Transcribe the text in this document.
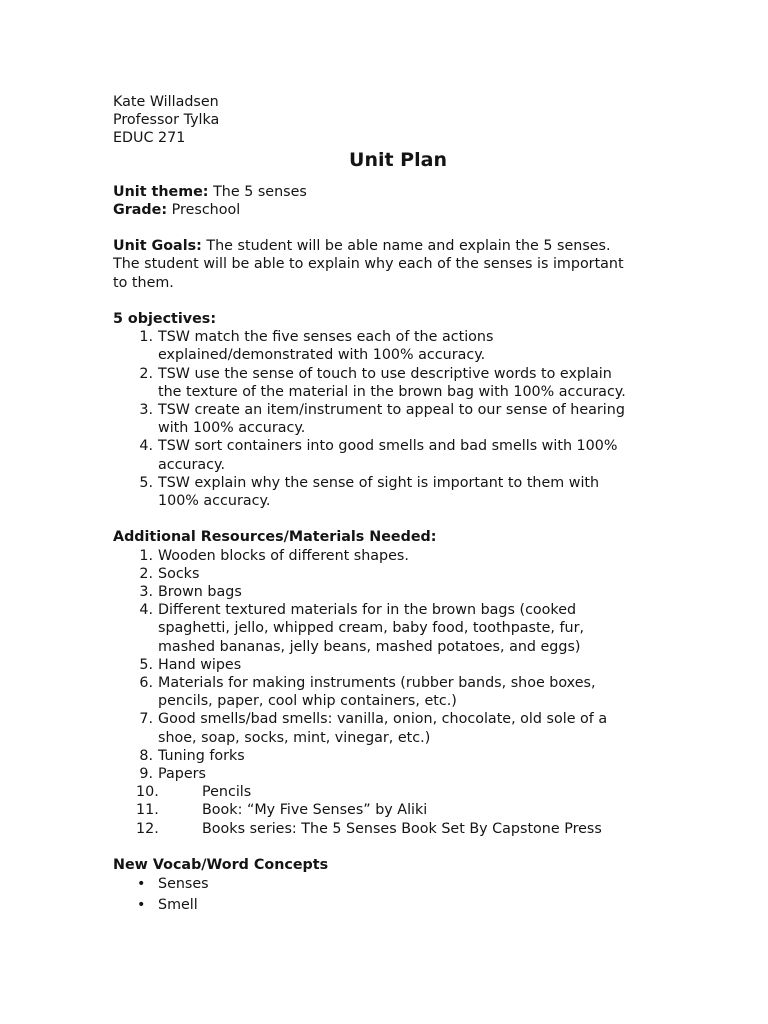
Kate Willadsen
Professor Tylka
EDUC 271
Unit Plan
Unit theme: The 5 senses
Grade: Preschool
Unit Goals: The student will be able name and explain the 5 senses.
The student will be able to explain why each of the senses is important
to them.
5 objectives:
1. TSW match the five senses each of the actions
explained/demonstrated with 100% accuracy.
2. TSW use the sense of touch to use descriptive words to explain
the texture of the material in the brown bag with 100% accuracy.
3. TSW create an item/instrument to appeal to our sense of hearing
with 100% accuracy.
4. TSW sort containers into good smells and bad smells with 100%
accuracy.
5. TSW explain why the sense of sight is important to them with
100% accuracy.
Additional Resources/Materials Needed:
1. Wooden blocks of different shapes.
2. Socks
3. Brown bags
4. Different textured materials for in the brown bags (cooked
spaghetti, jello, whipped cream, baby food, toothpaste, fur,
mashed bananas, jelly beans, mashed potatoes, and eggs)
5. Hand wipes
6. Materials for making instruments (rubber bands, shoe boxes,
pencils, paper, cool whip containers, etc.)
7. Good smells/bad smells: vanilla, onion, chocolate, old sole of a
shoe, soap, socks, mint, vinegar, etc.)
8. Tuning forks
9. Papers
10.	Pencils
11.	Book: “My Five Senses” by Aliki
12.	Books series: The 5 Senses Book Set By Capstone Press
New Vocab/Word Concepts
• Senses
• Smell
